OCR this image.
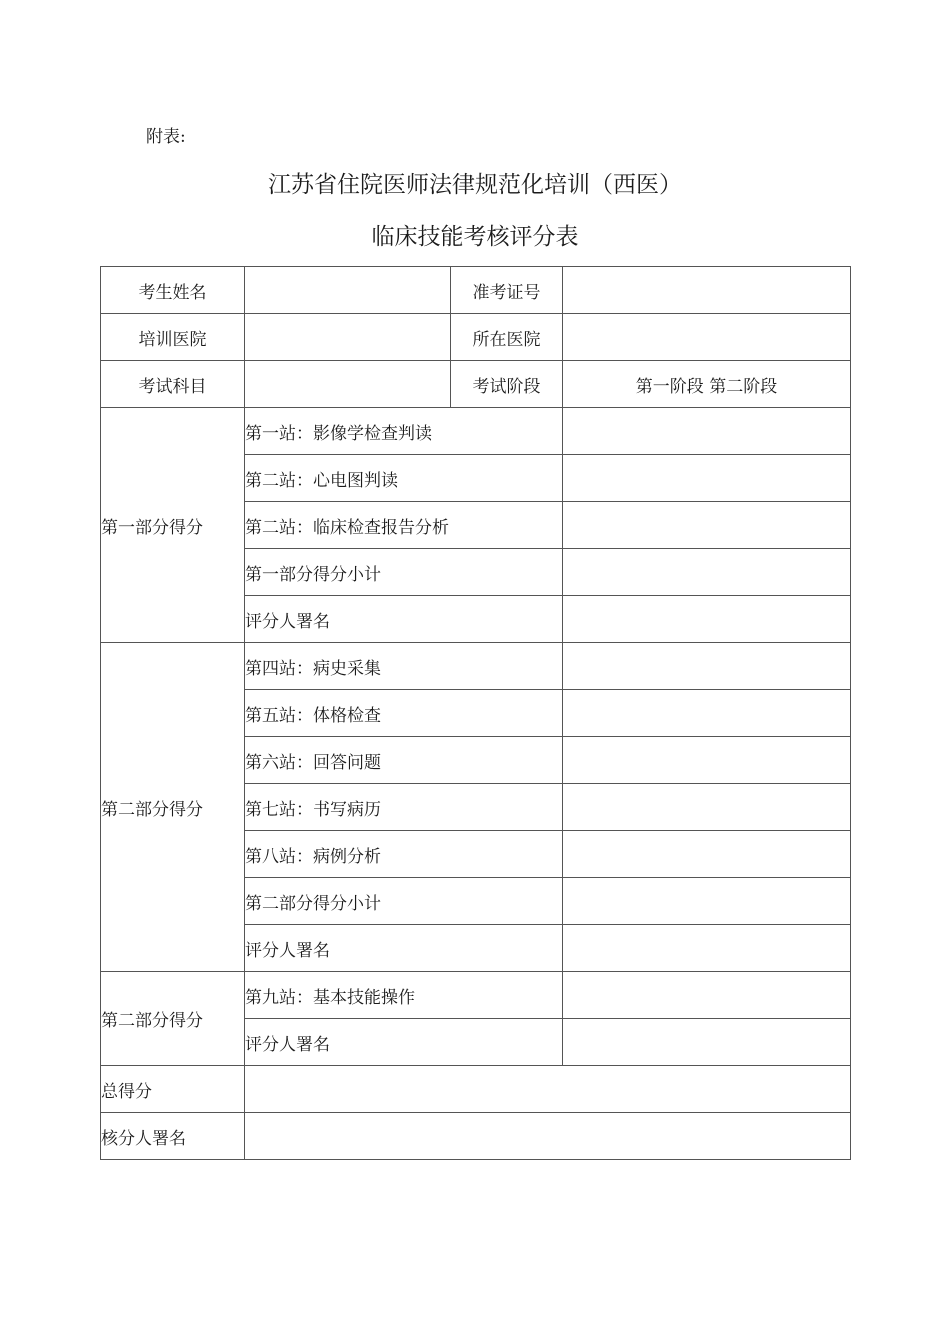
附表:
江苏省住院医师法律规范化培训（西医）
临床技能考核评分表
考生姓名		准考证号	
培训医院		所在医院	
考试科目		考试阶段	第一阶段 第二阶段
第一部分得分	第一站：影像学检查判读		
	第二站：心电图判读		
	第二站：临床检查报告分析		
	第一部分得分小计		
	评分人署名		
第二部分得分	第四站：病史采集		
	第五站：体格检查		
	第六站：回答问题		
	第七站：书写病历		
	第八站：病例分析		
	第二部分得分小计		
	评分人署名		
第二部分得分	第九站：基本技能操作		
	评分人署名		
总得分			
核分人署名			
